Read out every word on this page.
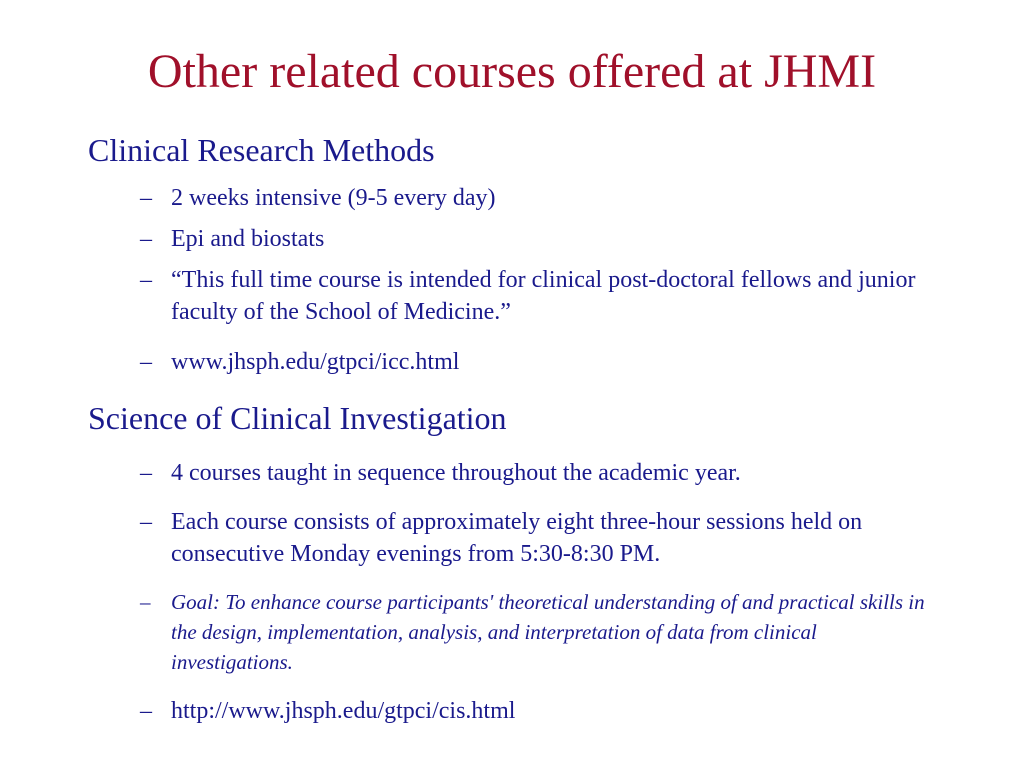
Other related courses offered at JHMI
Clinical Research Methods
– 2 weeks intensive (9-5 every day)
– Epi and biostats
– “This full time course is intended for clinical post-doctoral fellows and junior faculty of the School of Medicine.”
– www.jhsph.edu/gtpci/icc.html
Science of Clinical Investigation
– 4 courses taught in sequence throughout the academic year.
– Each course consists of approximately eight three-hour sessions held on consecutive Monday evenings from 5:30-8:30 PM.
– Goal: To enhance course participants' theoretical understanding of and practical skills in the design, implementation, analysis, and interpretation of data from clinical investigations.
– http://www.jhsph.edu/gtpci/cis.html
